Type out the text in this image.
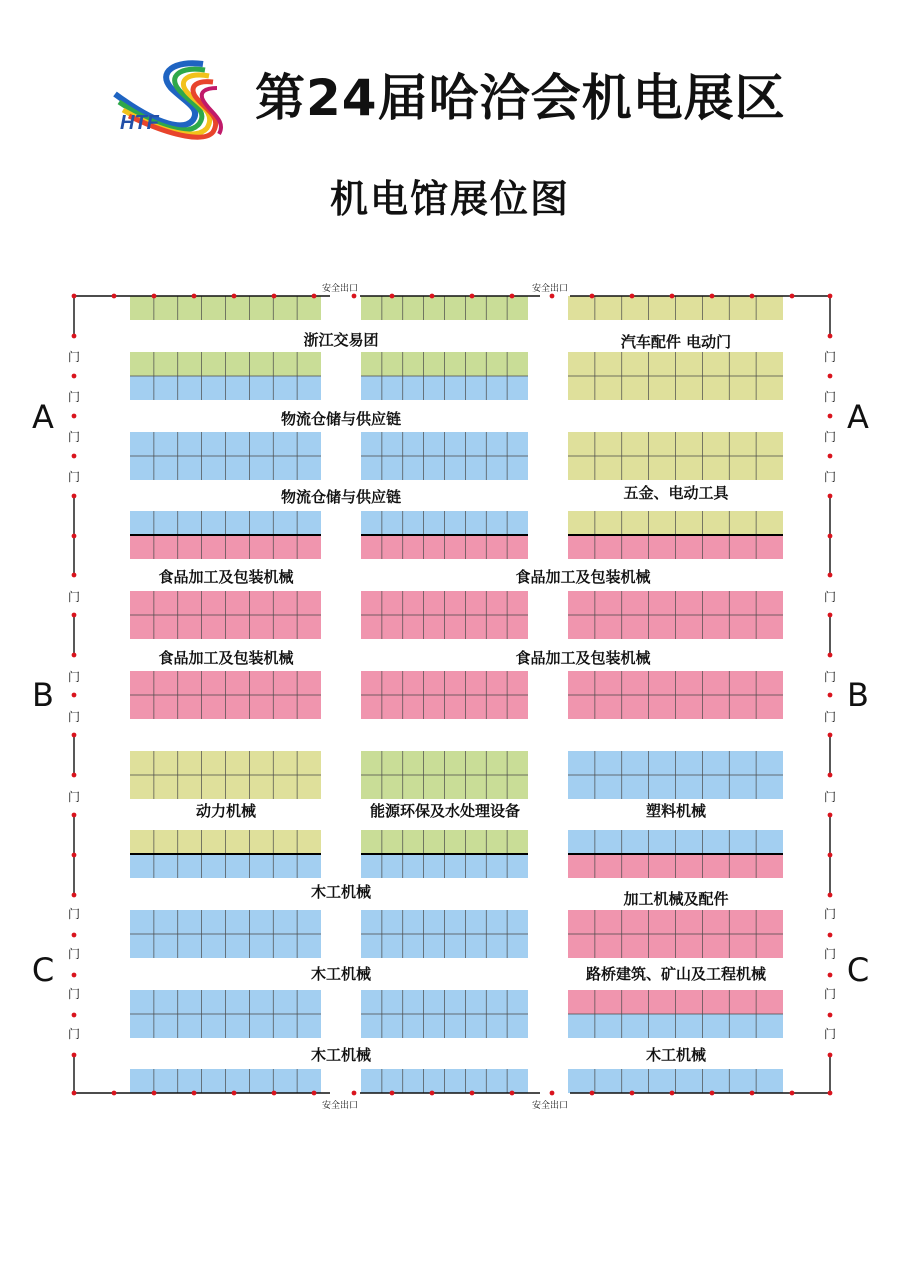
HTF 第24届哈洽会机电展区
机电馆展位图
门	门
门	门
门	门
门	门
门	门
门	门
门	门
门	门
门	门
门	门
门	门
门	门
安全出口
安全出口
安全出口
安全出口
A
B
C
A
B
C
浙江交易团	汽车配件 电动门
物流仓储与供应链
物流仓储与供应链	五金、电动工具
食品加工及包装机械	食品加工及包装机械
食品加工及包装机械	食品加工及包装机械
动力机械	能源环保及水处理设备	塑料机械
木工机械	加工机械及配件
木工机械	路桥建筑、矿山及工程机械
木工机械	木工机械
